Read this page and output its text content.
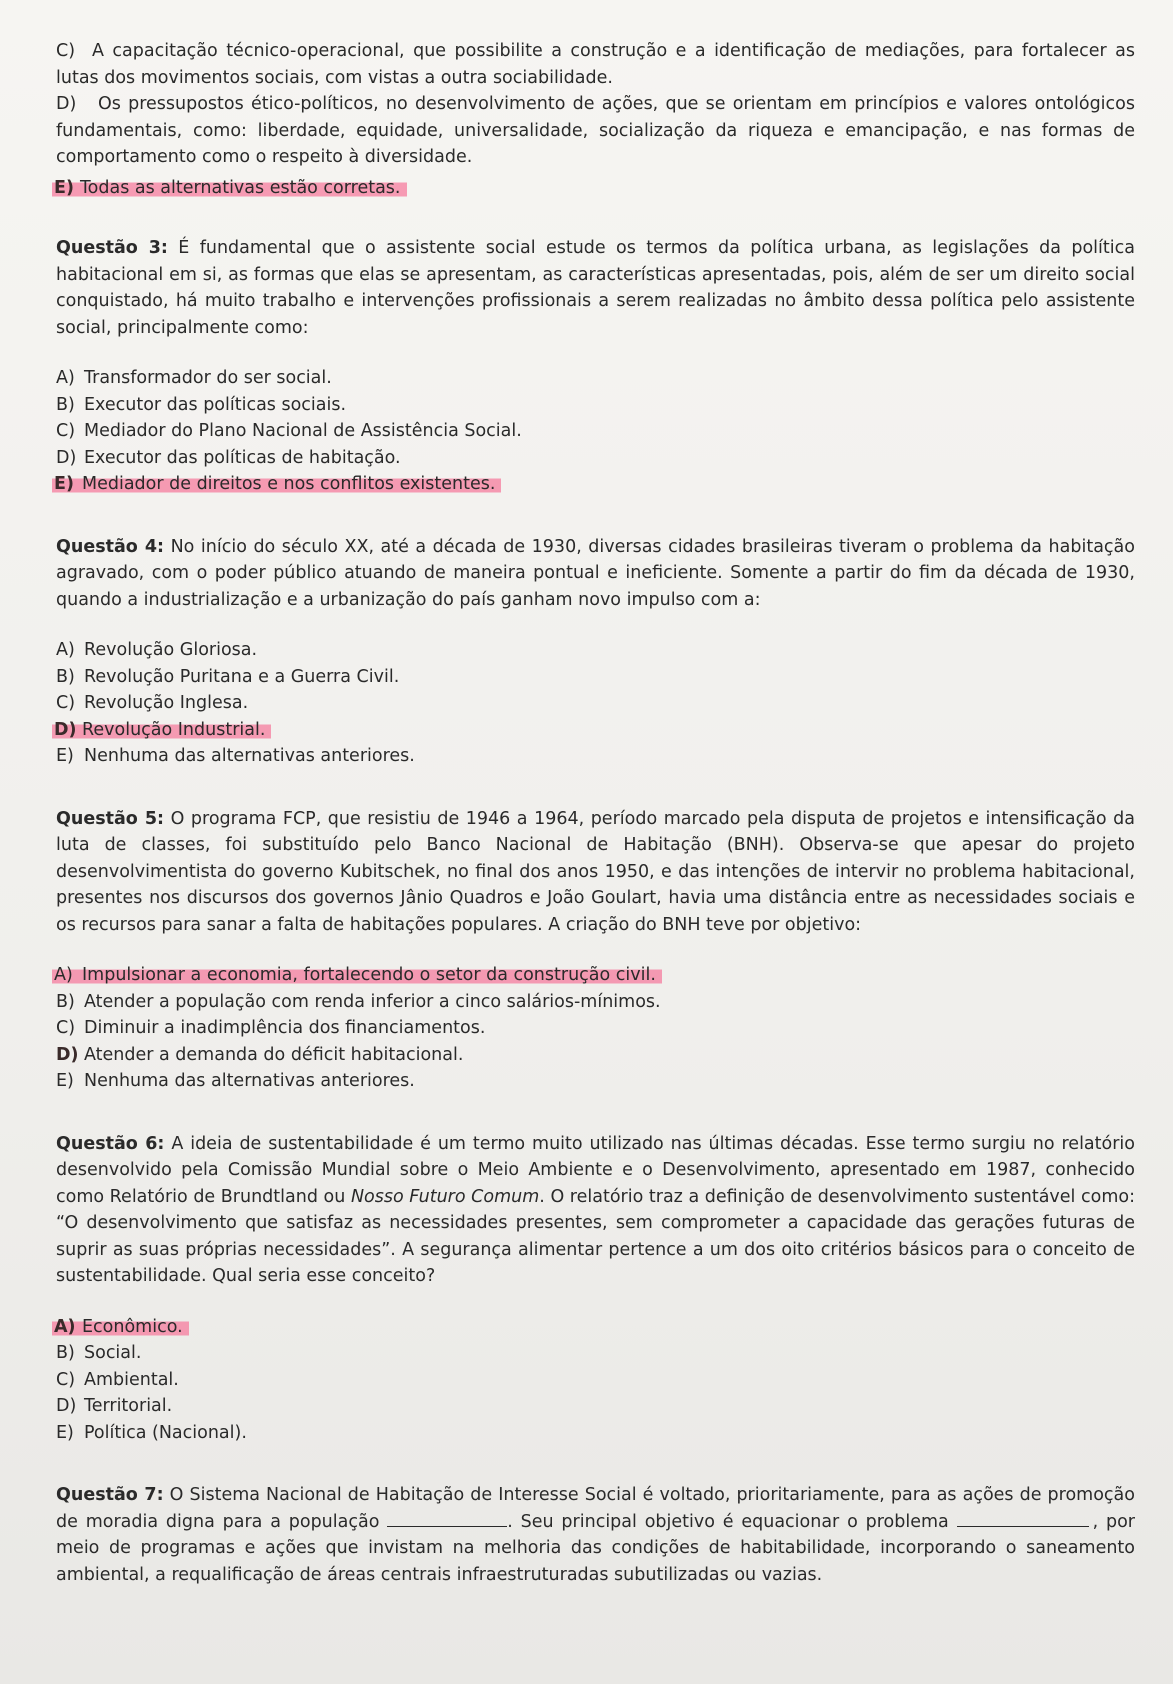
C)  A capacitação técnico-operacional, que possibilite a construção e a identificação de mediações, para fortalecer as lutas dos movimentos sociais, com vistas a outra sociabilidade.

D)   Os pressupostos ético-políticos, no desenvolvimento de ações, que se orientam em princípios e valores ontológicos fundamentais, como: liberdade, equidade, universalidade, socialização da riqueza e emancipação, e nas formas de comportamento como o respeito à diversidade.

E) Todas as alternativas estão corretas.

Questão 3: É fundamental que o assistente social estude os termos da política urbana, as legislações da política habitacional em si, as formas que elas se apresentam, as características apresentadas, pois, além de ser um direito social conquistado, há muito trabalho e intervenções profissionais a serem realizadas no âmbito dessa política pelo assistente social, principalmente como:

A) Transformador do ser social.

B) Executor das políticas sociais.

C) Mediador do Plano Nacional de Assistência Social.

D) Executor das políticas de habitação.

E) Mediador de direitos e nos conflitos existentes.

Questão 4: No início do século XX, até a década de 1930, diversas cidades brasileiras tiveram o problema da habitação agravado, com o poder público atuando de maneira pontual e ineficiente. Somente a partir do fim da década de 1930, quando a industrialização e a urbanização do país ganham novo impulso com a:

A) Revolução Gloriosa.

B) Revolução Puritana e a Guerra Civil.

C) Revolução Inglesa.

D) Revolução Industrial.

E) Nenhuma das alternativas anteriores.

Questão 5: O programa FCP, que resistiu de 1946 a 1964, período marcado pela disputa de projetos e intensificação da luta de classes, foi substituído pelo Banco Nacional de Habitação (BNH). Observa-se que apesar do projeto desenvolvimentista do governo Kubitschek, no final dos anos 1950, e das intenções de intervir no problema habitacional, presentes nos discursos dos governos Jânio Quadros e João Goulart, havia uma distância entre as necessidades sociais e os recursos para sanar a falta de habitações populares. A criação do BNH teve por objetivo:

A) Impulsionar a economia, fortalecendo o setor da construção civil.

B) Atender a população com renda inferior a cinco salários-mínimos.

C) Diminuir a inadimplência dos financiamentos.

D) Atender a demanda do déficit habitacional.

E) Nenhuma das alternativas anteriores.

Questão 6: A ideia de sustentabilidade é um termo muito utilizado nas últimas décadas. Esse termo surgiu no relatório desenvolvido pela Comissão Mundial sobre o Meio Ambiente e o Desenvolvimento, apresentado em 1987, conhecido como Relatório de Brundtland ou Nosso Futuro Comum. O relatório traz a definição de desenvolvimento sustentável como: “O desenvolvimento que satisfaz as necessidades presentes, sem comprometer a capacidade das gerações futuras de suprir as suas próprias necessidades”. A segurança alimentar pertence a um dos oito critérios básicos para o conceito de sustentabilidade. Qual seria esse conceito?

A) Econômico.

B) Social.

C) Ambiental.

D) Territorial.

E) Política (Nacional).

Questão 7: O Sistema Nacional de Habitação de Interesse Social é voltado, prioritariamente, para as ações de promoção de moradia digna para a população	. Seu principal objetivo é equacionar o problema	, por meio de programas e ações que invistam na melhoria das condições de habitabilidade, incorporando o saneamento ambiental, a requalificação de áreas centrais infraestruturadas subutilizadas ou vazias.
